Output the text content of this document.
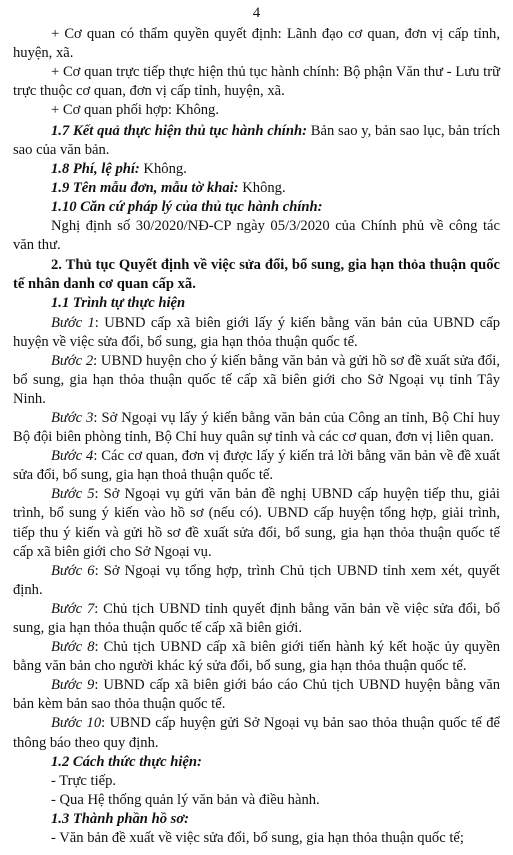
4

+ Cơ quan có thẩm quyền quyết định: Lãnh đạo cơ quan, đơn vị cấp tỉnh, huyện, xã.

+ Cơ quan trực tiếp thực hiện thủ tục hành chính: Bộ phận Văn thư - Lưu trữ trực thuộc cơ quan, đơn vị cấp tỉnh, huyện, xã.

+ Cơ quan phối hợp: Không.

1.7 Kết quả thực hiện thủ tục hành chính: Bản sao y, bản sao lục, bản trích sao của văn bản.

1.8 Phí, lệ phí: Không.

1.9 Tên mẫu đơn, mẫu tờ khai: Không.

1.10 Căn cứ pháp lý của thủ tục hành chính:

Nghị định số 30/2020/NĐ-CP ngày 05/3/2020 của Chính phủ về công tác văn thư.

2. Thủ tục Quyết định về việc sửa đổi, bổ sung, gia hạn thỏa thuận quốc tế nhân danh cơ quan cấp xã.

1.1 Trình tự thực hiện

Bước 1: UBND cấp xã biên giới lấy ý kiến bằng văn bản của UBND cấp huyện về việc sửa đổi, bổ sung, gia hạn thỏa thuận quốc tế.

Bước 2: UBND huyện cho ý kiến bằng văn bản và gửi hồ sơ đề xuất sửa đổi, bổ sung, gia hạn thỏa thuận quốc tế cấp xã biên giới cho Sở Ngoại vụ tỉnh Tây Ninh.

Bước 3: Sở Ngoại vụ lấy ý kiến bằng văn bản của Công an tỉnh, Bộ Chỉ huy Bộ đội biên phòng tỉnh, Bộ Chỉ huy quân sự tỉnh và các cơ quan, đơn vị liên quan.

Bước 4: Các cơ quan, đơn vị được lấy ý kiến trả lời bằng văn bản về đề xuất sửa đổi, bổ sung, gia hạn thoả thuận quốc tế.

Bước 5: Sở Ngoại vụ gửi văn bản đề nghị UBND cấp huyện tiếp thu, giải trình, bổ sung ý kiến vào hồ sơ (nếu có). UBND cấp huyện tổng hợp, giải trình, tiếp thu ý kiến và gửi hồ sơ đề xuất sửa đổi, bổ sung, gia hạn thỏa thuận quốc tế cấp xã biên giới cho Sở Ngoại vụ.

Bước 6: Sở Ngoại vụ tổng hợp, trình Chủ tịch UBND tỉnh xem xét, quyết định.

Bước 7: Chủ tịch UBND tỉnh quyết định bằng văn bản về việc sửa đổi, bổ sung, gia hạn thỏa thuận quốc tế cấp xã biên giới.

Bước 8: Chủ tịch UBND cấp xã biên giới tiến hành ký kết hoặc ủy quyền bằng văn bản cho người khác ký sửa đổi, bổ sung, gia hạn thỏa thuận quốc tế.

Bước 9: UBND cấp xã biên giới báo cáo Chủ tịch UBND huyện bằng văn bản kèm bản sao thỏa thuận quốc tế.

Bước 10: UBND cấp huyện gửi Sở Ngoại vụ bản sao thỏa thuận quốc tế để thông báo theo quy định.

1.2 Cách thức thực hiện:

- Trực tiếp.

- Qua Hệ thống quản lý văn bản và điều hành.

1.3 Thành phần hồ sơ:

- Văn bản đề xuất về việc sửa đổi, bổ sung, gia hạn thỏa thuận quốc tế;
